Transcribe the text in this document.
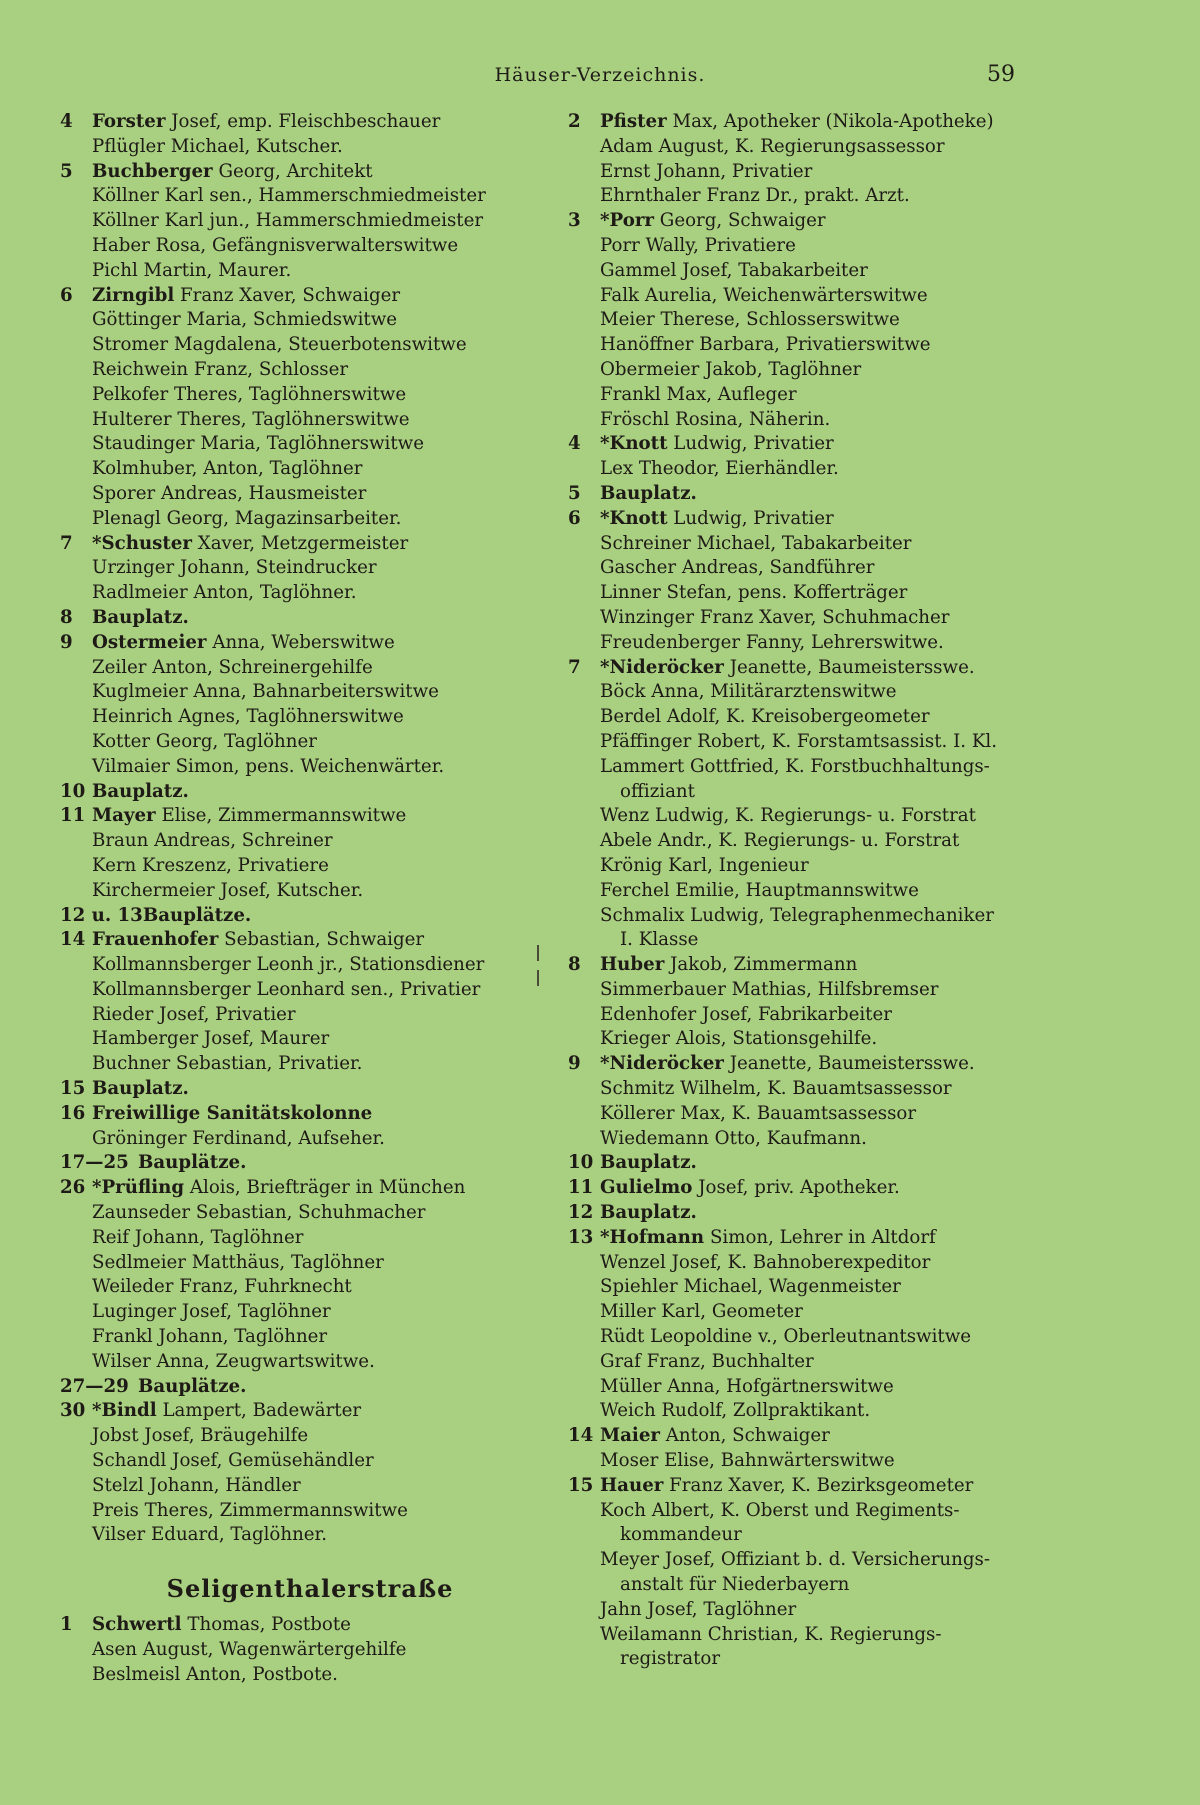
Häuser-Verzeichnis.	59
4 Forster Josef, emp. Fleischbeschauer
Pflügler Michael, Kutscher.
5 Buchberger Georg, Architekt
Köllner Karl sen., Hammerschmiedmeister
Köllner Karl jun., Hammerschmiedmeister
Haber Rosa, Gefängnisverwalterswitwe
Pichl Martin, Maurer.
6 Zirngibl Franz Xaver, Schwaiger
Göttinger Maria, Schmiedswitwe
Stromer Magdalena, Steuerbotenswitwe
Reichwein Franz, Schlosser
Pelkofer Theres, Taglöhnerswitwe
Hulterer Theres, Taglöhnerswitwe
Staudinger Maria, Taglöhnerswitwe
Kolmhuber, Anton, Taglöhner
Sporer Andreas, Hausmeister
Plenagl Georg, Magazinsarbeiter.
7 *Schuster Xaver, Metzgermeister
Urzinger Johann, Steindrucker
Radlmeier Anton, Taglöhner.
8 Bauplatz.
9 Ostermeier Anna, Weberswitwe
Zeiler Anton, Schreinergehilfe
Kuglmeier Anna, Bahnarbeiterswitwe
Heinrich Agnes, Taglöhnerswitwe
Kotter Georg, Taglöhner
Vilmaier Simon, pens. Weichenwärter.
10 Bauplatz.
11 Mayer Elise, Zimmermannswitwe
Braun Andreas, Schreiner
Kern Kreszenz, Privatiere
Kirchermeier Josef, Kutscher.
12 u. 13Bauplätze.
14 Frauenhofer Sebastian, Schwaiger
Kollmannsberger Leonh jr., Stationsdiener
Kollmannsberger Leonhard sen., Privatier
Rieder Josef, Privatier
Hamberger Josef, Maurer
Buchner Sebastian, Privatier.
15 Bauplatz.
16 Freiwillige Sanitätskolonne
Gröninger Ferdinand, Aufseher.
17—25 Bauplätze.
26 *Prüfling Alois, Briefträger in München
Zaunseder Sebastian, Schuhmacher
Reif Johann, Taglöhner
Sedlmeier Matthäus, Taglöhner
Weileder Franz, Fuhrknecht
Luginger Josef, Taglöhner
Frankl Johann, Taglöhner
Wilser Anna, Zeugwartswitwe.
27—29 Bauplätze.
30 *Bindl Lampert, Badewärter
Jobst Josef, Bräugehilfe
Schandl Josef, Gemüsehändler
Stelzl Johann, Händler
Preis Theres, Zimmermannswitwe
Vilser Eduard, Taglöhner.
Seligenthalerstraße
1 Schwertl Thomas, Postbote
Asen August, Wagenwärtergehilfe
Beslmeisl Anton, Postbote.
2 Pfister Max, Apotheker (Nikola-Apotheke)
Adam August, K. Regierungsassessor
Ernst Johann, Privatier
Ehrnthaler Franz Dr., prakt. Arzt.
3 *Porr Georg, Schwaiger
Porr Wally, Privatiere
Gammel Josef, Tabakarbeiter
Falk Aurelia, Weichenwärterswitwe
Meier Therese, Schlosserswitwe
Hanöffner Barbara, Privatierswitwe
Obermeier Jakob, Taglöhner
Frankl Max, Aufleger
Fröschl Rosina, Näherin.
4 *Knott Ludwig, Privatier
Lex Theodor, Eierhändler.
5 Bauplatz.
6 *Knott Ludwig, Privatier
Schreiner Michael, Tabakarbeiter
Gascher Andreas, Sandführer
Linner Stefan, pens. Kofferträger
Winzinger Franz Xaver, Schuhmacher
Freudenberger Fanny, Lehrerswitwe.
7 *Nideröcker Jeanette, Baumeistersswe.
Böck Anna, Militärarztenswitwe
Berdel Adolf, K. Kreisobergeometer
Pfäffinger Robert, K. Forstamtsassist. I. Kl.
Lammert Gottfried, K. Forstbuchhaltungs-
offiziant
Wenz Ludwig, K. Regierungs- u. Forstrat
Abele Andr., K. Regierungs- u. Forstrat
Krönig Karl, Ingenieur
Ferchel Emilie, Hauptmannswitwe
Schmalix Ludwig, Telegraphenmechaniker
I. Klasse
8 Huber Jakob, Zimmermann
Simmerbauer Mathias, Hilfsbremser
Edenhofer Josef, Fabrikarbeiter
Krieger Alois, Stationsgehilfe.
9 *Nideröcker Jeanette, Baumeistersswe.
Schmitz Wilhelm, K. Bauamtsassessor
Köllerer Max, K. Bauamtsassessor
Wiedemann Otto, Kaufmann.
10 Bauplatz.
11 Gulielmo Josef, priv. Apotheker.
12 Bauplatz.
13 *Hofmann Simon, Lehrer in Altdorf
Wenzel Josef, K. Bahnoberexpeditor
Spiehler Michael, Wagenmeister
Miller Karl, Geometer
Rüdt Leopoldine v., Oberleutnantswitwe
Graf Franz, Buchhalter
Müller Anna, Hofgärtnerswitwe
Weich Rudolf, Zollpraktikant.
14 Maier Anton, Schwaiger
Moser Elise, Bahnwärterswitwe
15 Hauer Franz Xaver, K. Bezirksgeometer
Koch Albert, K. Oberst und Regiments-
kommandeur
Meyer Josef, Offiziant b. d. Versicherungs-
anstalt für Niederbayern
Jahn Josef, Taglöhner
Weilamann Christian, K. Regierungs-
registrator
